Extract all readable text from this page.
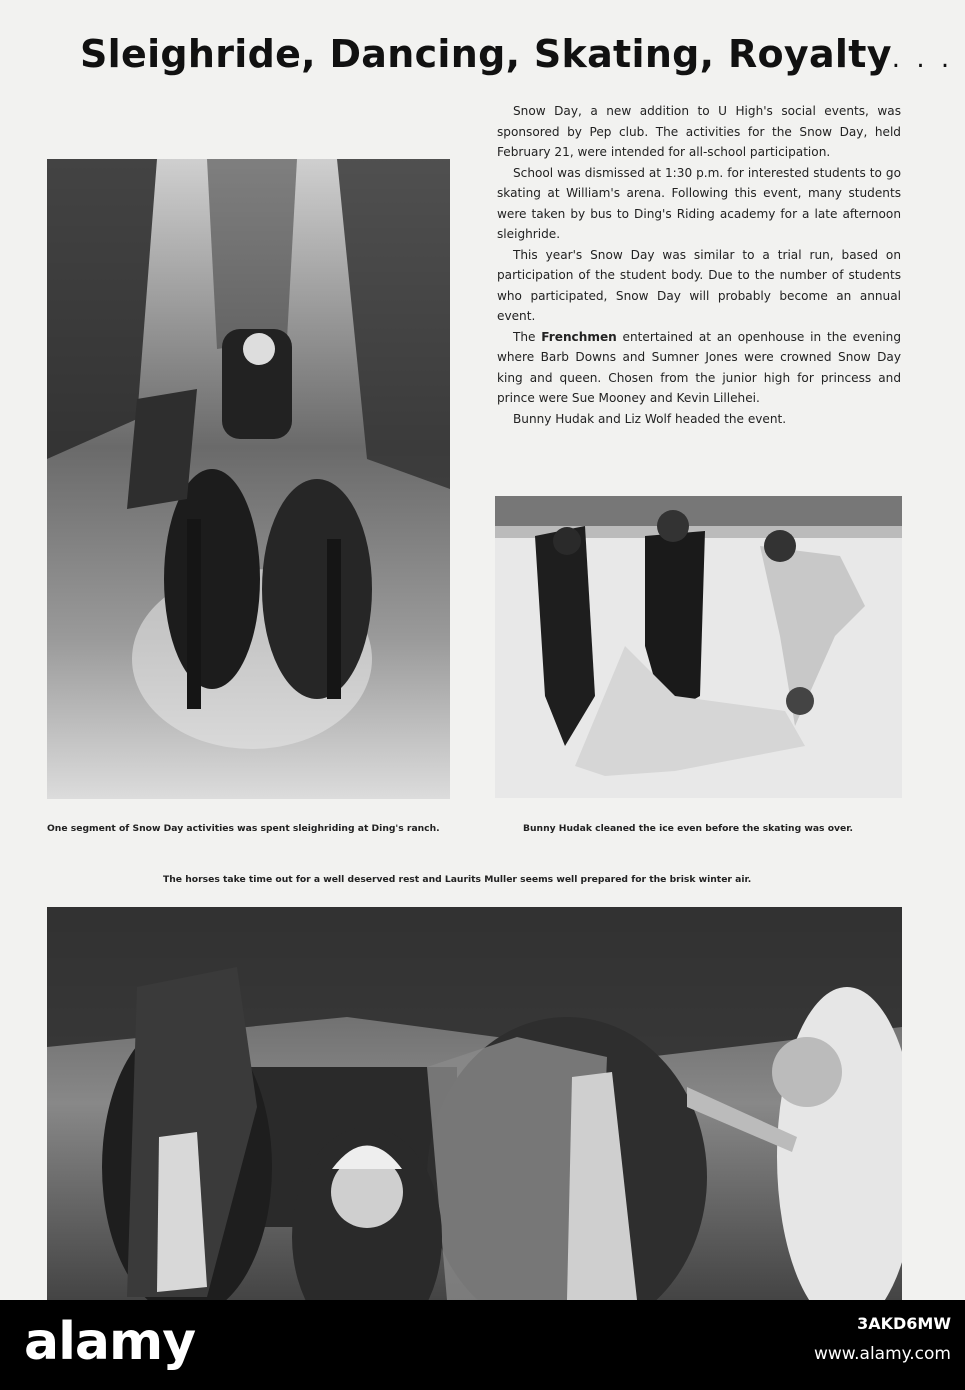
Sleighride, Dancing, Skating, Royalty. . .

Snow Day, a new addition to U High's social events, was sponsored by Pep club. The activities for the Snow Day, held February 21, were intended for all-school participation.

School was dismissed at 1:30 p.m. for interested students to go skating at William's arena. Following this event, many students were taken by bus to Ding's Riding academy for a late afternoon sleighride.

This year's Snow Day was similar to a trial run, based on participation of the student body. Due to the number of students who participated, Snow Day will probably become an annual event.

The Frenchmen entertained at an openhouse in the evening where Barb Downs and Sumner Jones were crowned Snow Day king and queen. Chosen from the junior high for princess and prince were Sue Mooney and Kevin Lillehei.

Bunny Hudak and Liz Wolf headed the event.

One segment of Snow Day activities was spent sleighriding at Ding's ranch.	Bunny Hudak cleaned the ice even before the skating was over.
The horses take time out for a well deserved rest and Laurits Muller seems well prepared for the brisk winter air.
alamy	3AKD6MW
www.alamy.com
